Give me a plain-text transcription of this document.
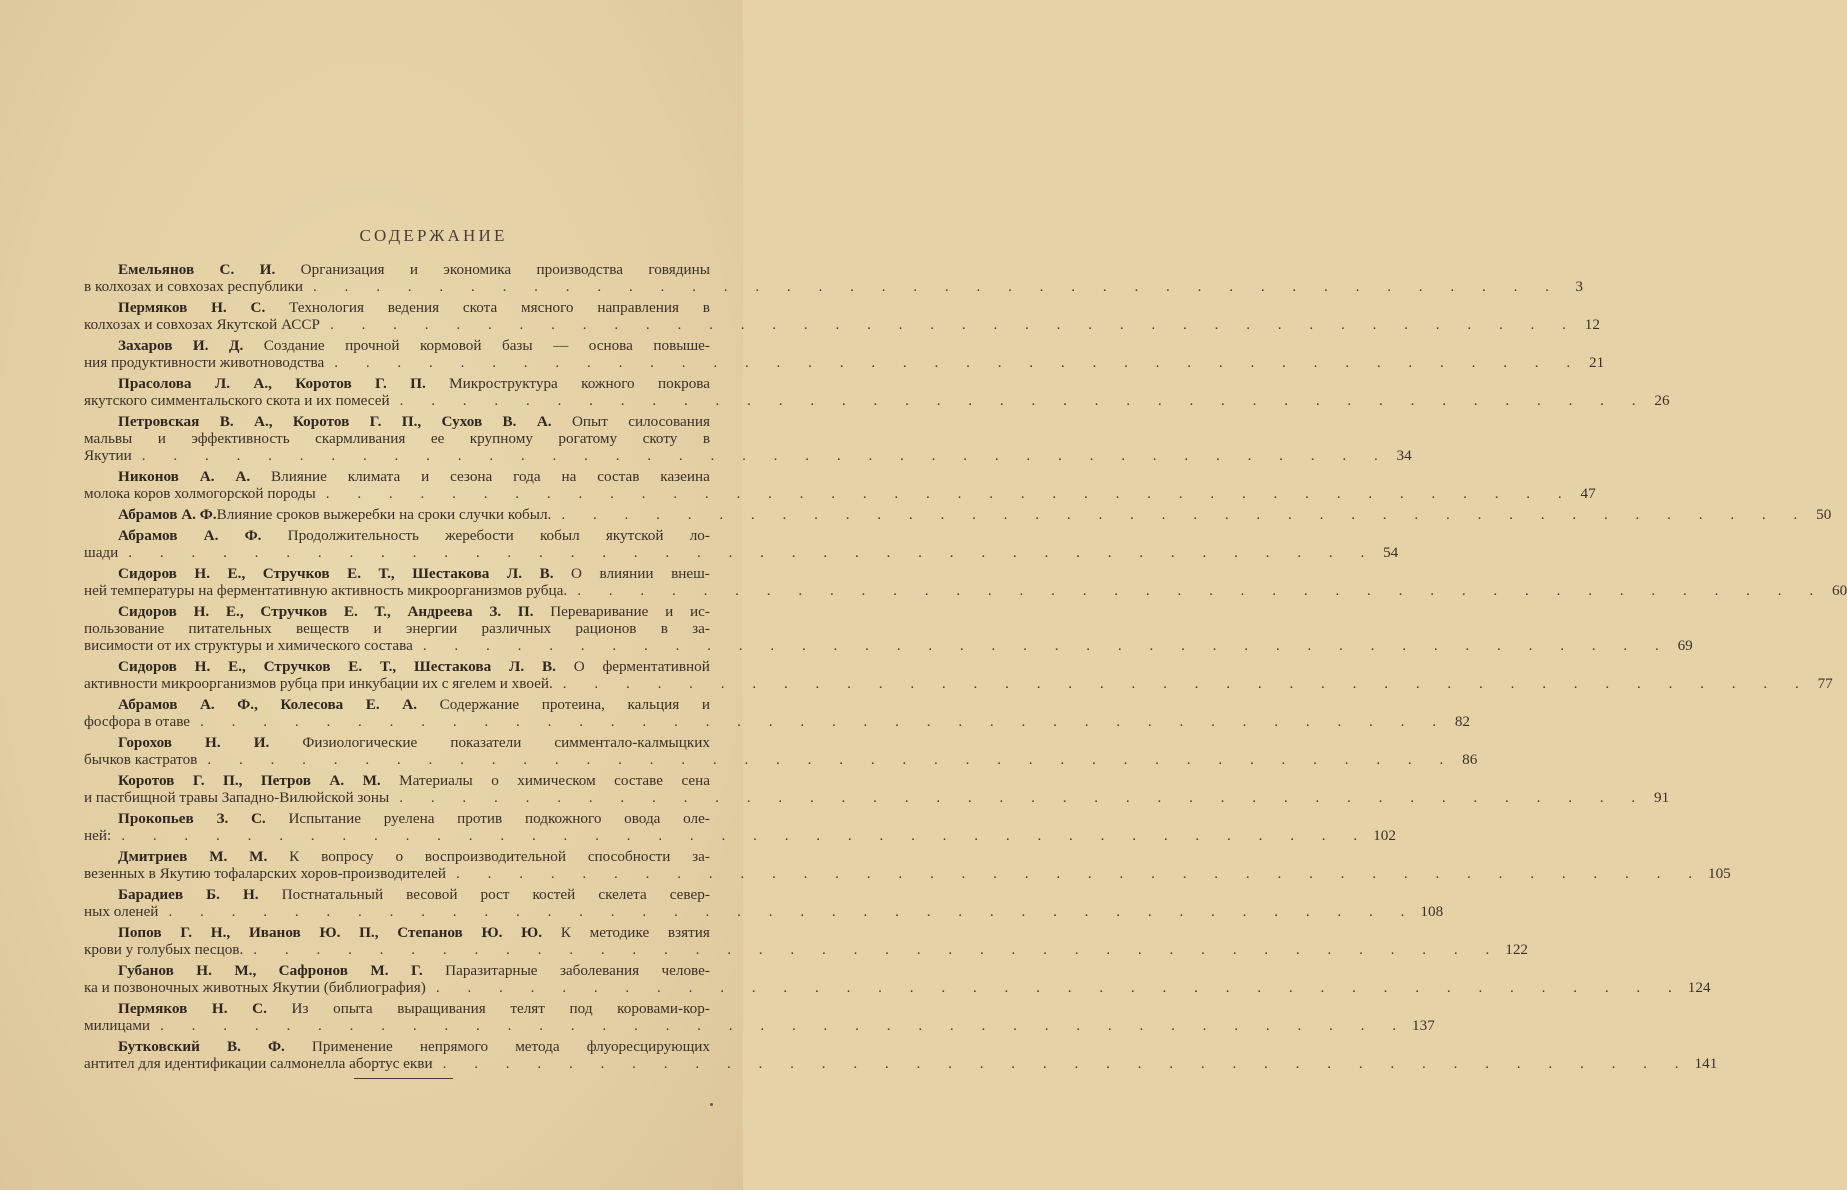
СОДЕРЖАНИЕ
Емельянов С. И. Организация и экономика производства говядины
в колхозах и совхозах республики . . . . . . . . . . . . . . . . . . . . . . . . . . . . . . . . . . . . . . . . 3
Пермяков Н. С. Технология ведения скота мясного направления в
колхозах и совхозах Якутской АССР . . . . . . . . . . . . . . . . . . . . . . . . . . . . . . . . . . . . . . . . 12
Захаров И. Д. Создание прочной кормовой базы — основа повыше-
ния продуктивности животноводства . . . . . . . . . . . . . . . . . . . . . . . . . . . . . . . . . . . . . . . . 21
Прасолова Л. А., Коротов Г. П. Микроструктура кожного покрова
якутского симментальского скота и их помесей . . . . . . . . . . . . . . . . . . . . . . . . . . . . . . . . . . . . . . . . 26
Петровская В. А., Коротов Г. П., Сухов В. А. Опыт силосования
мальвы и эффективность скармливания ее крупному рогатому скоту в
Якутии . . . . . . . . . . . . . . . . . . . . . . . . . . . . . . . . . . . . . . . . 34
Никонов А. А. Влияние климата и сезона года на состав казеина
молока коров холмогорской породы . . . . . . . . . . . . . . . . . . . . . . . . . . . . . . . . . . . . . . . . 47
Абрамов А. Ф. Влияние сроков выжеребки на сроки случки кобыл. . . . . . . . . . . . . . . . . . . . . . . . . . . . . . . . . . . . . . . . . 50
Абрамов А. Ф. Продолжительность жеребости кобыл якутской ло-
шади . . . . . . . . . . . . . . . . . . . . . . . . . . . . . . . . . . . . . . . . 54
Сидоров Н. Е., Стручков Е. Т., Шестакова Л. В. О влиянии внеш-
ней температуры на ферментативную активность микроорганизмов рубца. . . . . . . . . . . . . . . . . . . . . . . . . . . . . . . . . . . . . . . . . 60
Сидоров Н. Е., Стручков Е. Т., Андреева З. П. Переваривание и ис-
пользование питательных веществ и энергии различных рационов в за-
висимости от их структуры и химического состава . . . . . . . . . . . . . . . . . . . . . . . . . . . . . . . . . . . . . . . . 69
Сидоров Н. Е., Стручков Е. Т., Шестакова Л. В. О ферментативной
активности микроорганизмов рубца при инкубации их с ягелем и хвоей. . . . . . . . . . . . . . . . . . . . . . . . . . . . . . . . . . . . . . . . . 77
Абрамов А. Ф., Колесова Е. А. Содержание протеина, кальция и
фосфора в отаве . . . . . . . . . . . . . . . . . . . . . . . . . . . . . . . . . . . . . . . . 82
Горохов Н. И. Физиологические показатели симментало-калмыцких
бычков кастратов . . . . . . . . . . . . . . . . . . . . . . . . . . . . . . . . . . . . . . . . 86
Коротов Г. П., Петров А. М. Материалы о химическом составе сена
и пастбищной травы Западно-Вилюйской зоны . . . . . . . . . . . . . . . . . . . . . . . . . . . . . . . . . . . . . . . . 91
Прокопьев З. С. Испытание руелена против подкожного овода оле-
ней: . . . . . . . . . . . . . . . . . . . . . . . . . . . . . . . . . . . . . . . . 102
Дмитриев М. М. К вопросу о воспроизводительной способности за-
везенных в Якутию тофаларских хоров-производителей . . . . . . . . . . . . . . . . . . . . . . . . . . . . . . . . . . . . . . . . 105
Барадиев Б. Н. Постнатальный весовой рост костей скелета север-
ных оленей . . . . . . . . . . . . . . . . . . . . . . . . . . . . . . . . . . . . . . . . 108
Попов Г. Н., Иванов Ю. П., Степанов Ю. Ю. К методике взятия
крови у голубых песцов. . . . . . . . . . . . . . . . . . . . . . . . . . . . . . . . . . . . . . . . . 122
Губанов Н. М., Сафронов М. Г. Паразитарные заболевания челове-
ка и позвоночных животных Якутии (библиография) . . . . . . . . . . . . . . . . . . . . . . . . . . . . . . . . . . . . . . . . 124
Пермяков Н. С. Из опыта выращивания телят под коровами-кор-
милицами . . . . . . . . . . . . . . . . . . . . . . . . . . . . . . . . . . . . . . . . 137
Бутковский В. Ф. Применение непрямого метода флуоресцирующих
антител для идентификации салмонелла абортус екви . . . . . . . . . . . . . . . . . . . . . . . . . . . . . . . . . . . . . . . . 141
